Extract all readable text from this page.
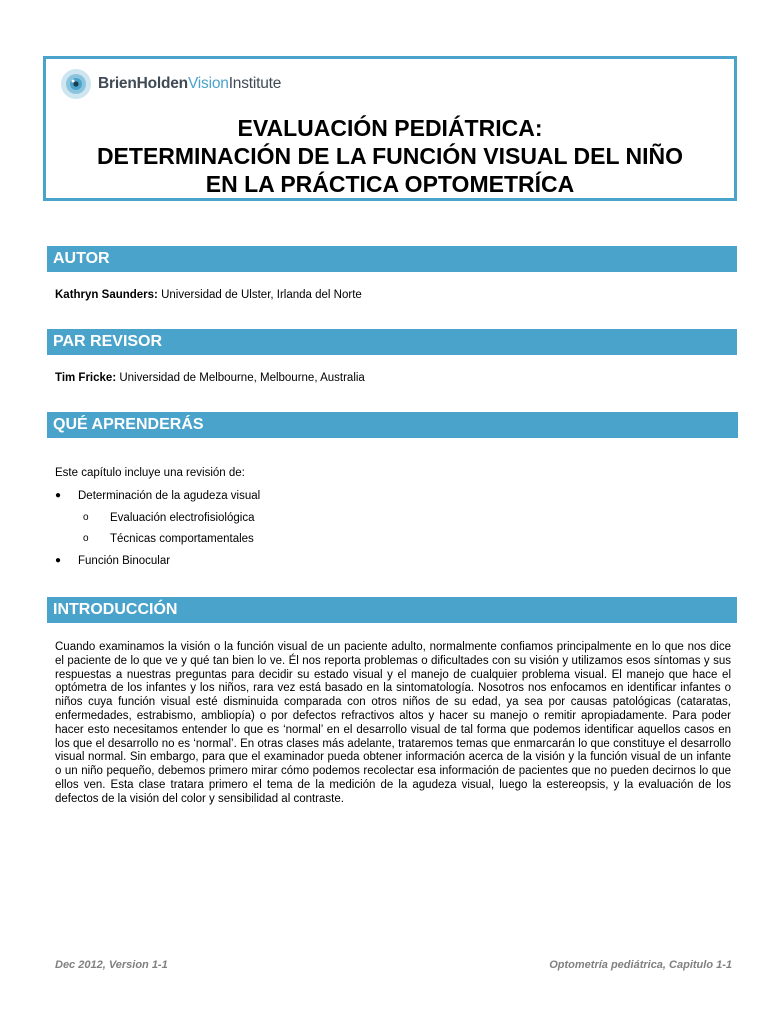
BrienHoldenVisionInstitute
EVALUACIÓN PEDIÁTRICA:
DETERMINACIÓN DE LA FUNCIÓN VISUAL DEL NIÑO
EN LA PRÁCTICA OPTOMETRÍCA
AUTOR
Kathryn Saunders: Universidad de Ulster, Irlanda del Norte
PAR REVISOR
Tim Fricke: Universidad de Melbourne, Melbourne, Australia
QUÉ APRENDERÁS
Este capítulo incluye una revisión de:
● Determinación de la agudeza visual
o Evaluación electrofisiológica
o Técnicas comportamentales
● Función Binocular
INTRODUCCIÓN

Cuando examinamos la visión o la función visual de un paciente adulto, normalmente confiamos principalmente en lo que nos dice el paciente de lo que ve y qué tan bien lo ve. Él nos reporta problemas o dificultades con su visión y utilizamos esos síntomas y sus respuestas a nuestras preguntas para decidir su estado visual y el manejo de cualquier problema visual. El manejo que hace el optómetra de los infantes y los niños, rara vez está basado en la sintomatología. Nosotros nos enfocamos en identificar infantes o niños cuya función visual esté disminuida comparada con otros niños de su edad, ya sea por causas patológicas (cataratas, enfermedades, estrabismo, ambliopía) o por defectos refractivos altos y hacer su manejo o remitir apropiadamente. Para poder hacer esto necesitamos entender lo que es ‘normal’ en el desarrollo visual de tal forma que podemos identificar aquellos casos en los que el desarrollo no es ‘normal’. En otras clases más adelante, trataremos temas que enmarcarán lo que constituye el desarrollo visual normal. Sin embargo, para que el examinador pueda obtener información acerca de la visión y la función visual de un infante o un niño pequeño, debemos primero mirar cómo podemos recolectar esa información de pacientes que no pueden decirnos lo que ellos ven. Esta clase tratara primero el tema de la medición de la agudeza visual, luego la estereopsis, y la evaluación de los defectos de la visión del color y sensibilidad al contraste.

Dec 2012, Version 1-1	Optometría pediátrica, Capitulo 1-1
